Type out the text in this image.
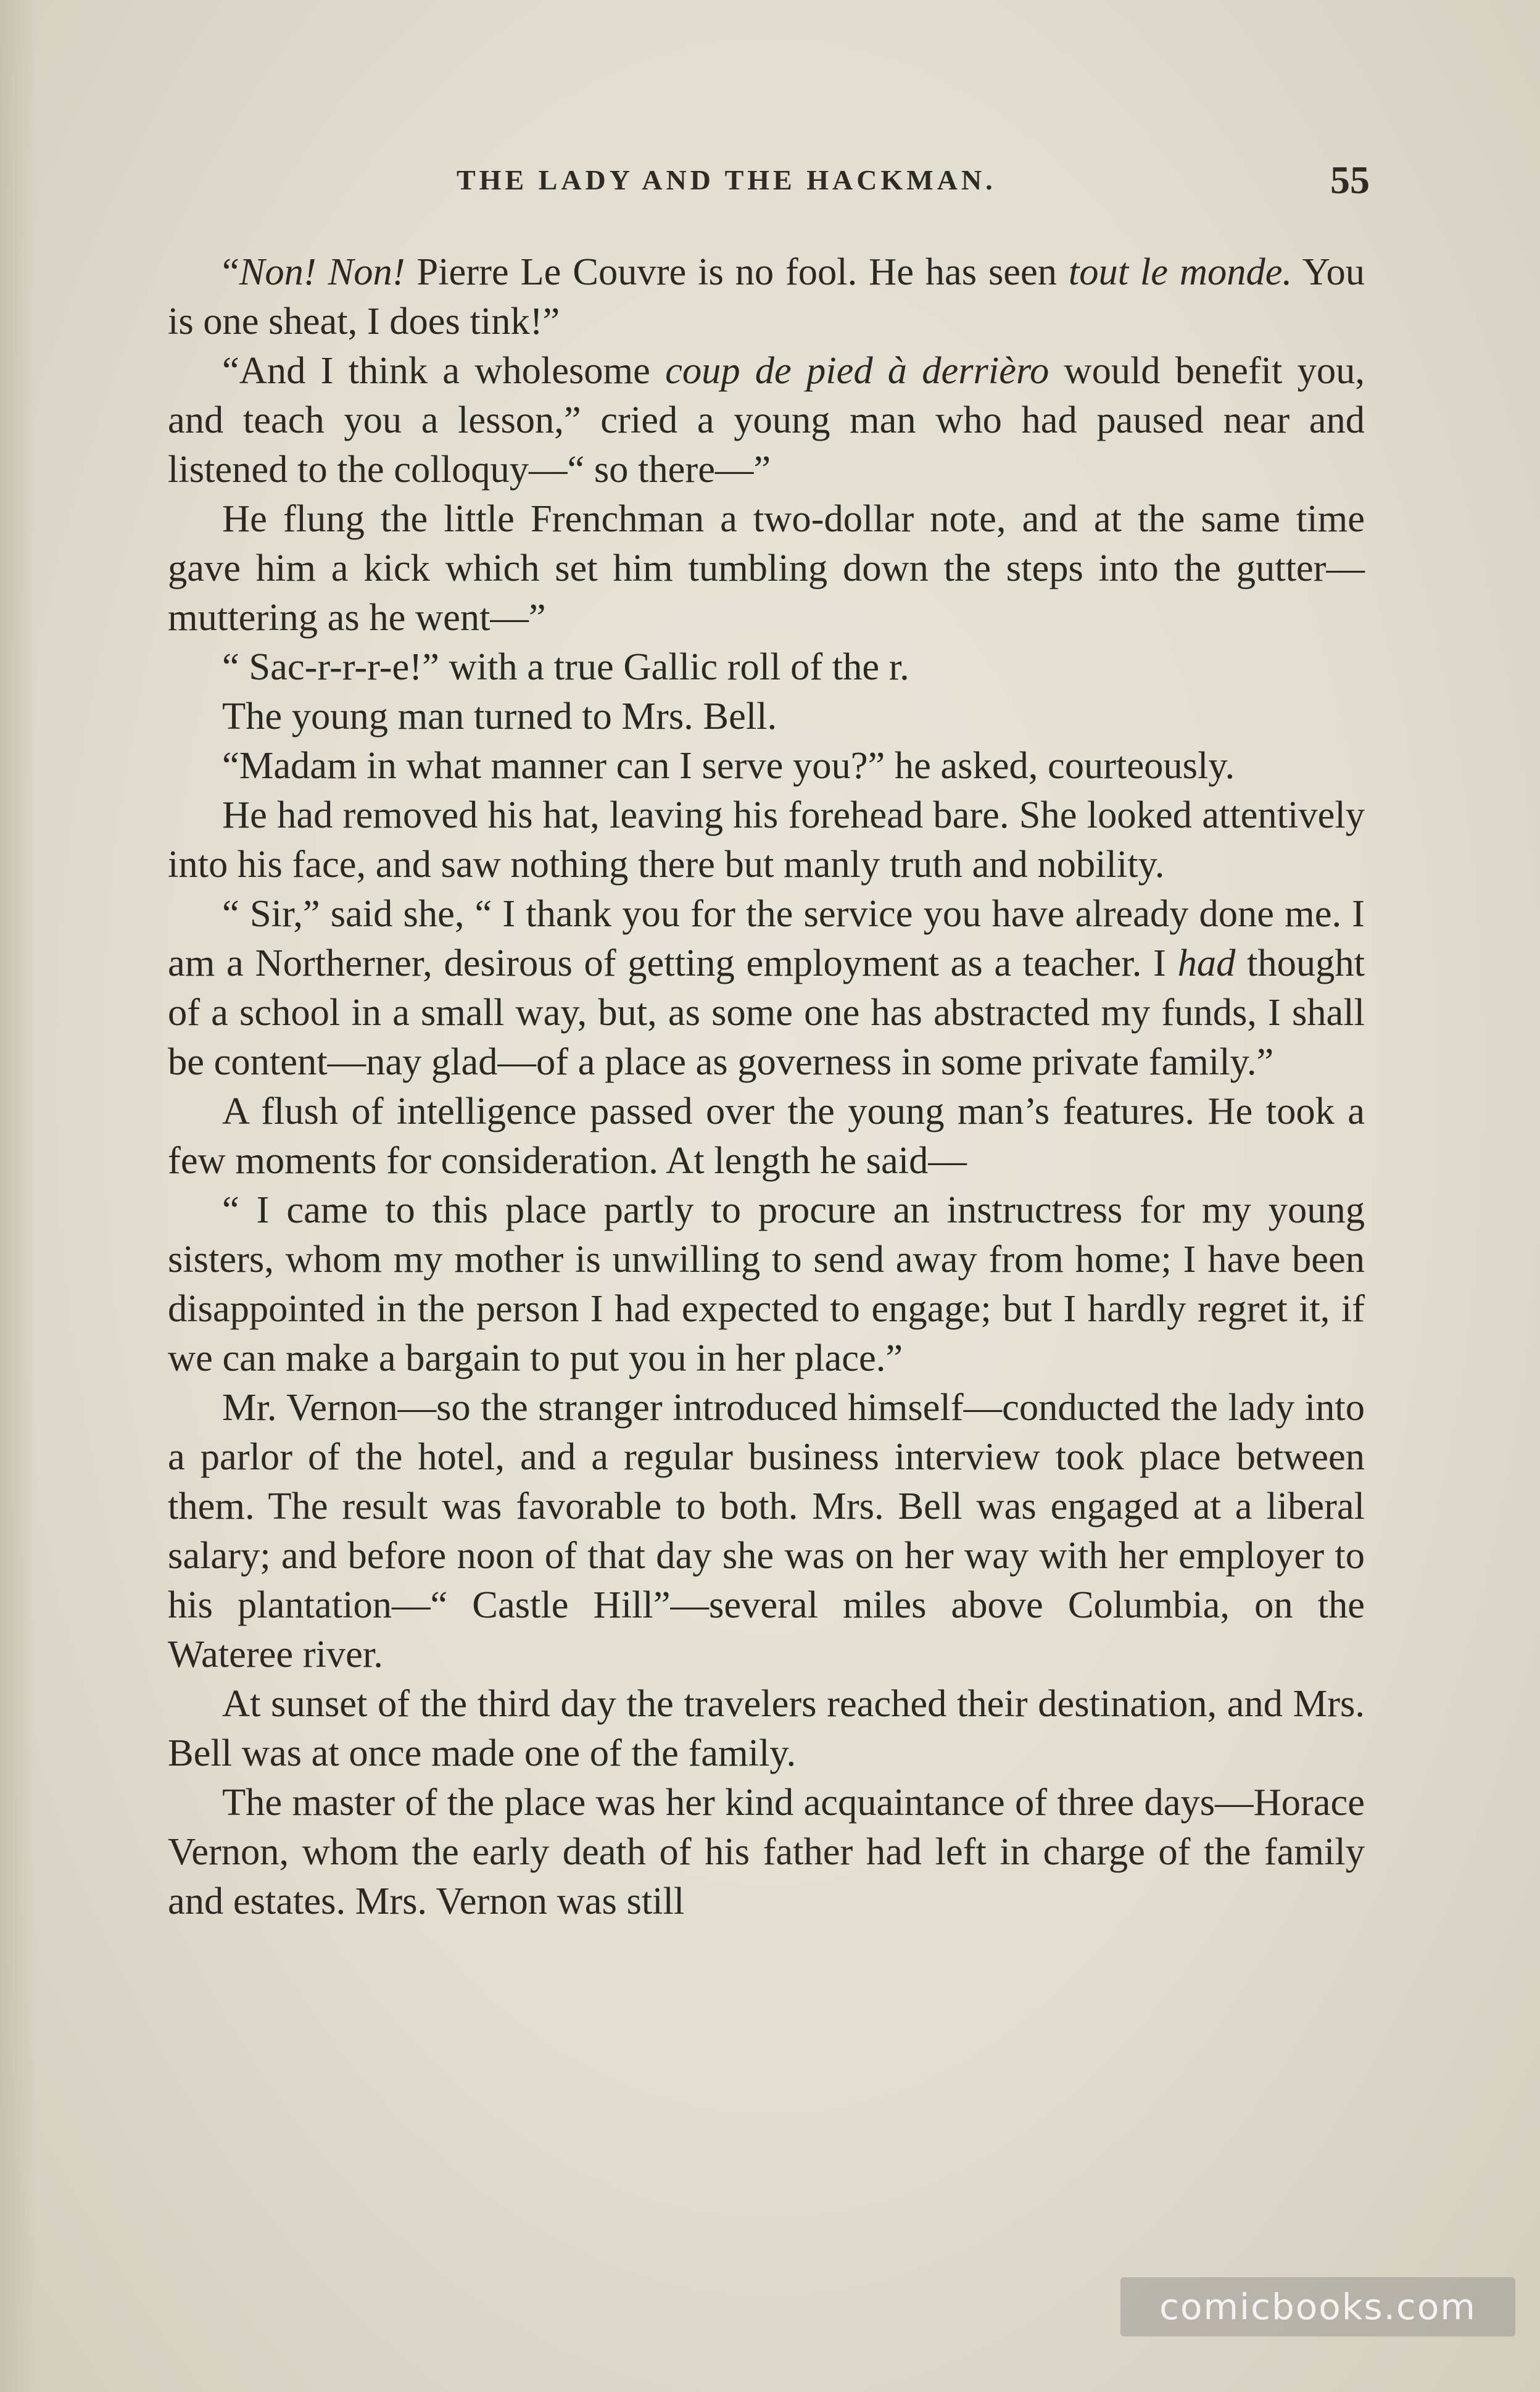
THE LADY AND THE HACKMAN.	55

“Non! Non! Pierre Le Couvre is no fool. He has seen tout le monde. You is one sheat, I does tink!”

“And I think a wholesome coup de pied à derrièro would benefit you, and teach you a lesson,” cried a young man who had paused near and listened to the colloquy—“ so there—”

He flung the little Frenchman a two-dollar note, and at the same time gave him a kick which set him tumbling down the steps into the gutter—muttering as he went—”

“ Sac-r-r-r-e!” with a true Gallic roll of the r.

The young man turned to Mrs. Bell.

“Madam in what manner can I serve you?” he asked, courteously.

He had removed his hat, leaving his forehead bare. She looked attentively into his face, and saw nothing there but manly truth and nobility.

“ Sir,” said she, “ I thank you for the service you have already done me. I am a Northerner, desirous of getting employment as a teacher. I had thought of a school in a small way, but, as some one has abstracted my funds, I shall be content—nay glad—of a place as governess in some private family.”

A flush of intelligence passed over the young man’s features. He took a few moments for consideration. At length he said—

“ I came to this place partly to procure an instructress for my young sisters, whom my mother is unwilling to send away from home; I have been disappointed in the person I had expected to engage; but I hardly regret it, if we can make a bargain to put you in her place.”

Mr. Vernon—so the stranger introduced himself—conducted the lady into a parlor of the hotel, and a regular business interview took place between them. The result was favorable to both. Mrs. Bell was engaged at a liberal salary; and before noon of that day she was on her way with her employer to his plantation—“ Castle Hill”—several miles above Columbia, on the Wateree river.

At sunset of the third day the travelers reached their destination, and Mrs. Bell was at once made one of the family.

The master of the place was her kind acquaintance of three days—Horace Vernon, whom the early death of his father had left in charge of the family and estates. Mrs. Vernon was still

comicbooks.com
